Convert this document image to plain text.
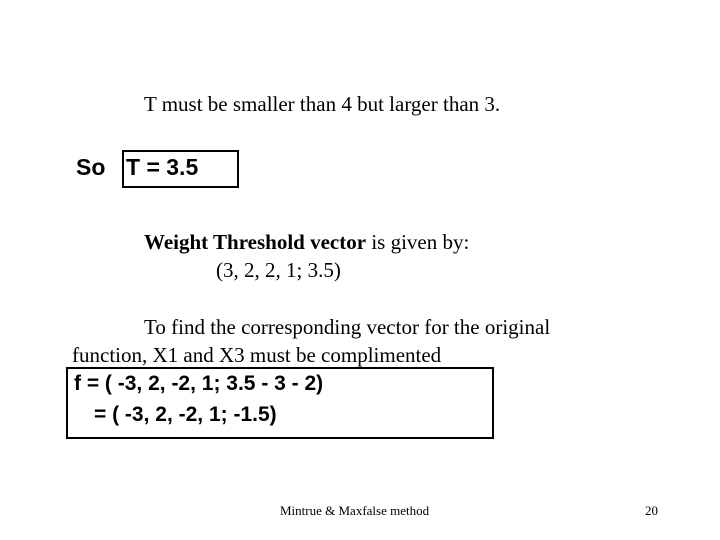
T must be smaller than 4 but larger than 3.
So T = 3.5
Weight Threshold vector is given by:
(3, 2, 2, 1; 3.5)
To find the corresponding vector for the original
function, X1 and X3 must be complimented
f = ( -3, 2, -2, 1; 3.5 - 3 - 2)
= ( -3, 2, -2, 1; -1.5)
Mintrue & Maxfalse method	20
